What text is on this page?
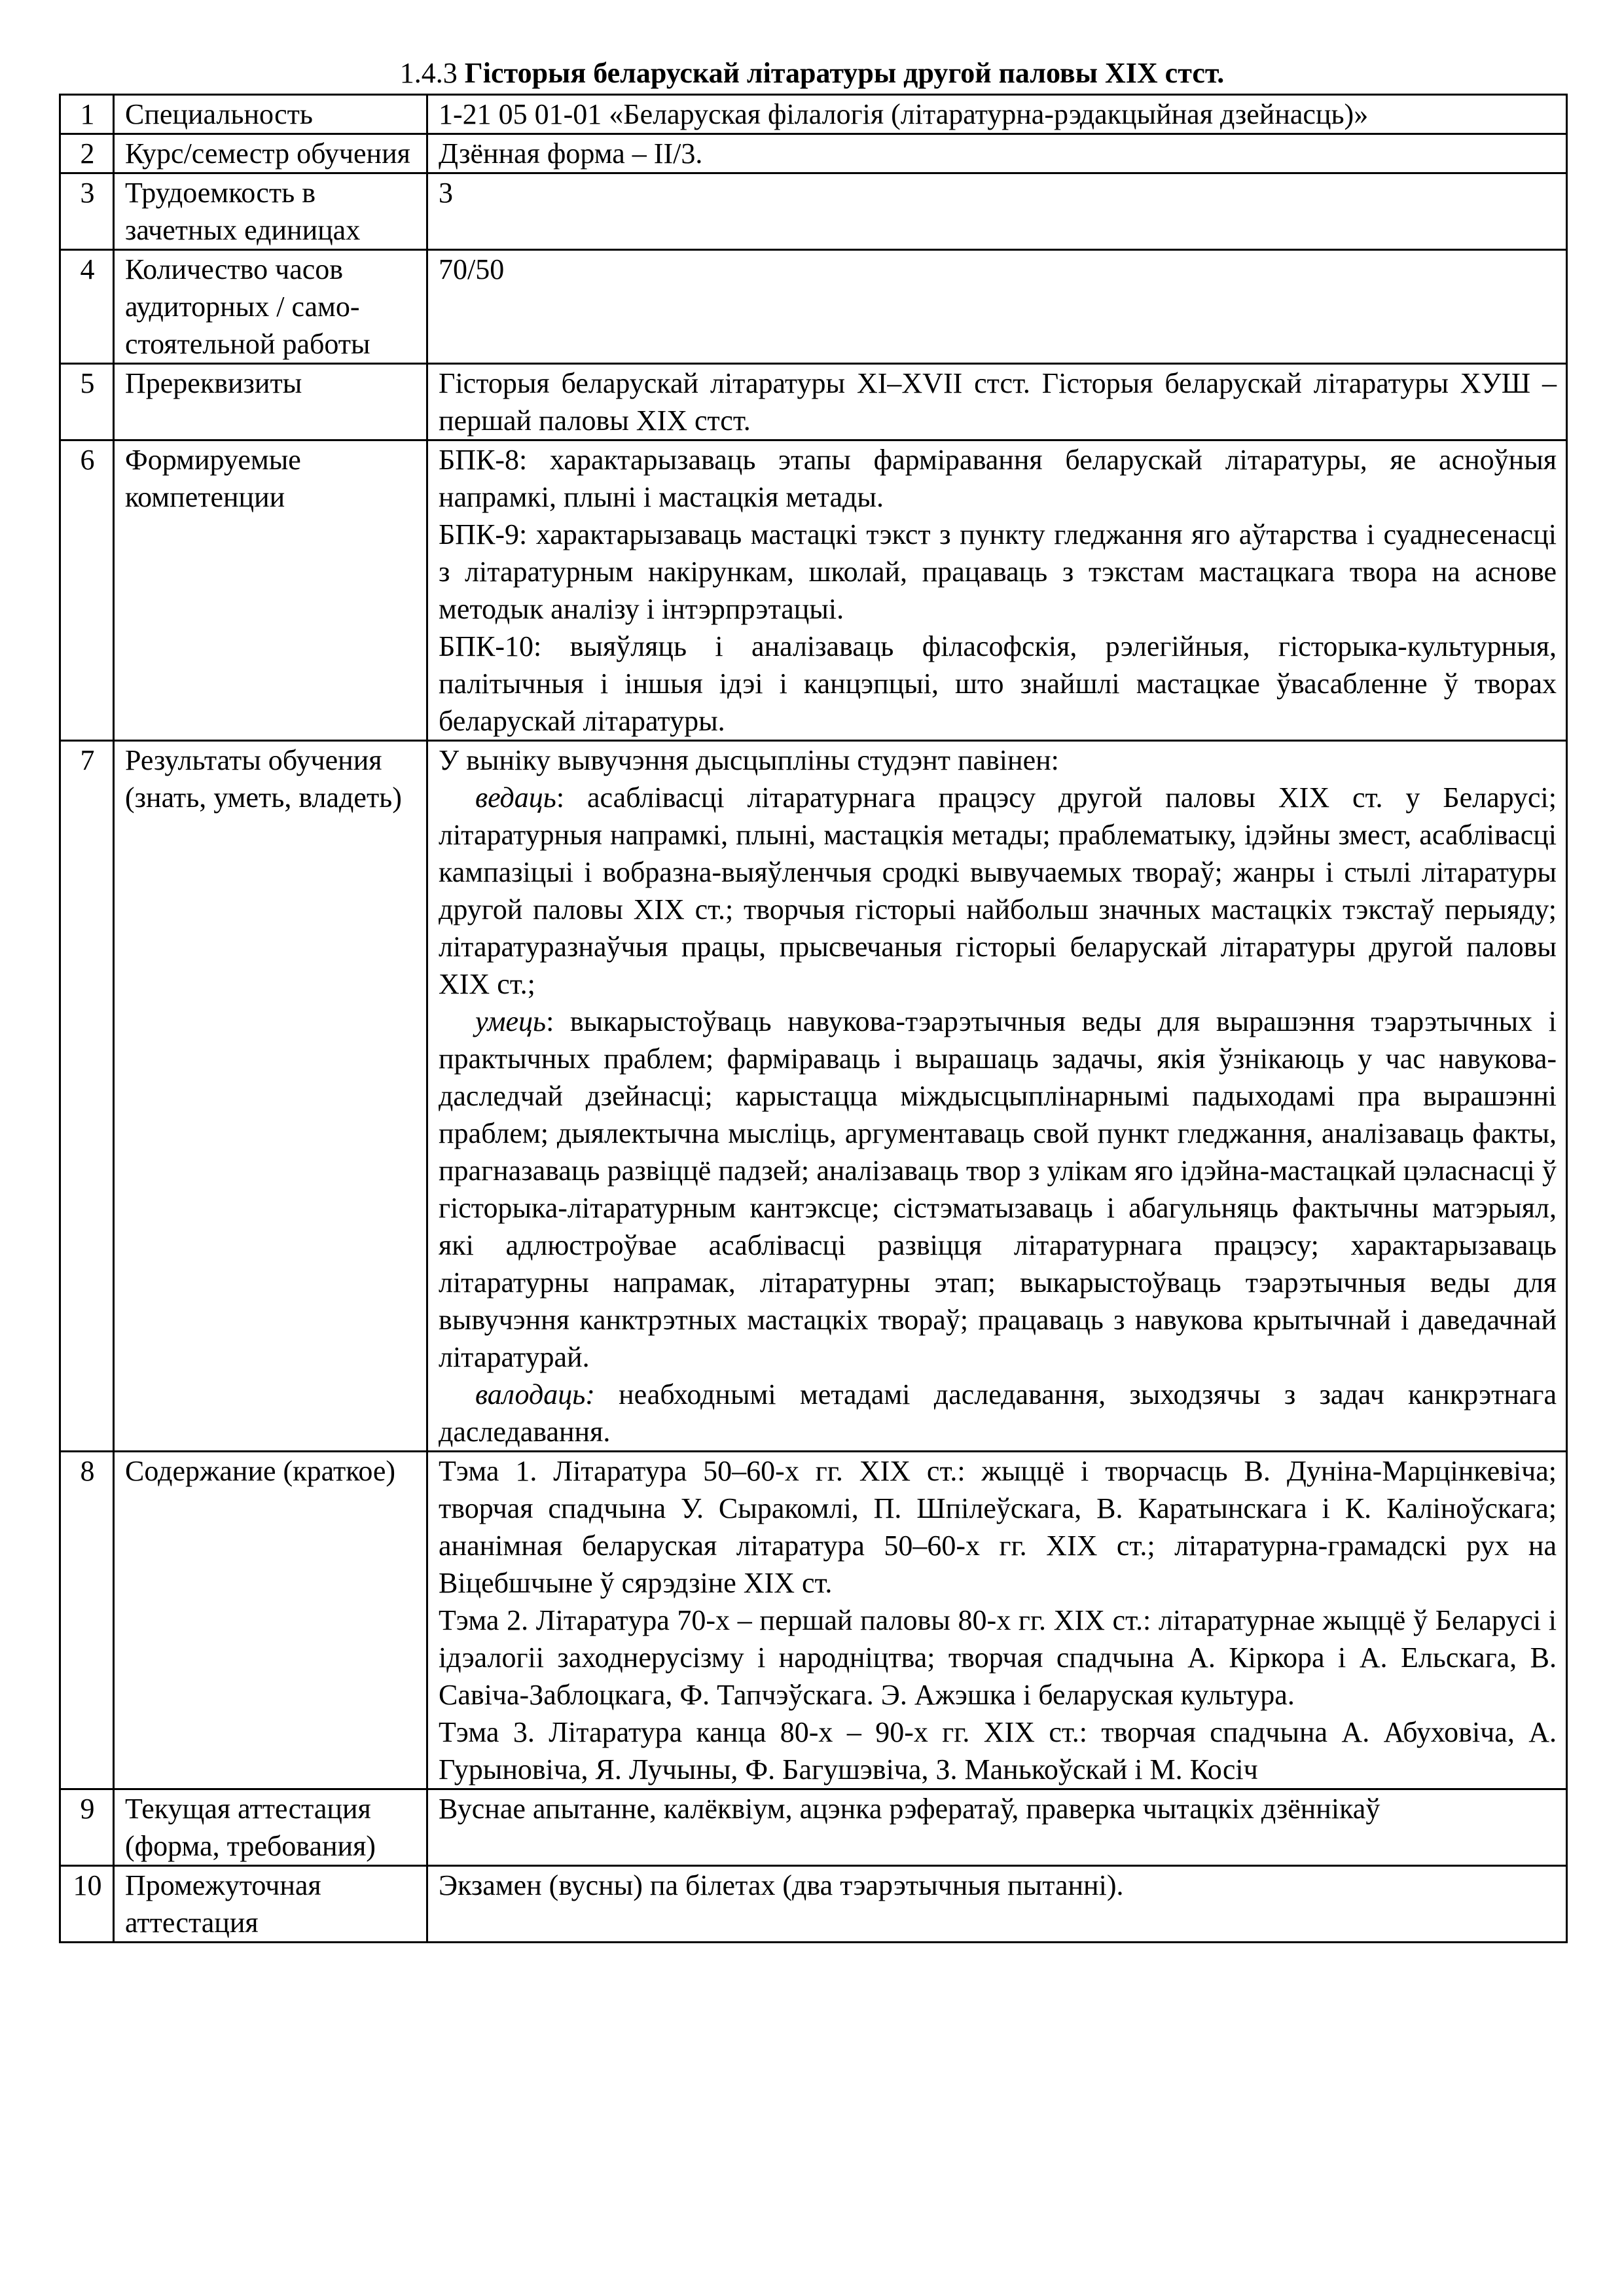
1.4.3 Гісторыя беларускай літаратуры другой паловы XIX стст.
1	Специальность	1-21 05 01-01 «Беларуская філалогія (літаратурна-рэдакцыйная дзейнасць)»

2	Курс/семестр обучения	Дзённая форма – II/3.
3	Трудоемкость в зачетных единицах	3
4	Количество часов аудиторных / само-стоятельной работы	70/50
5	Пререквизиты	Гісторыя беларускай літаратуры XI–XVII стст. Гісторыя беларускай літаратуры ХУШ – першай паловы XIX стст.

6	Формируемые компетенции	БПК-8: характарызаваць этапы фарміравання беларускай літаратуры, яе асноўныя напрамкі, плыні і мастацкія метады.
БПК-9: характарызаваць мастацкі тэкст з пункту гледжання яго аўтарства і суаднесенасці з літаратурным накірункам, школай, працаваць з тэкстам мастацкага твора на аснове методык аналізу і інтэрпрэтацыі.
БПК-10: выяўляць і аналізаваць філасофскія, рэлегійныя, гісторыка-культурныя, палітычныя і іншыя ідэі і канцэпцыі, што знайшлі мастацкае ўвасабленне ў творах беларускай літаратуры.

7	Результаты обучения (знать, уметь, владеть)	У выніку вывучэння дысцыпліны студэнт павінен:
ведаць: асаблівасці літаратурнага працэсу другой паловы XIX ст. у Беларусі; літаратурныя напрамкі, плыні, мастацкія метады; праблематыку, ідэйны змест, асаблівасці кампазіцыі і вобразна-выяўленчыя сродкі вывучаемых твораў; жанры і стылі літаратуры другой паловы XIX ст.; творчыя гісторыі найбольш значных мастацкіх тэкстаў перыяду; літаратуразнаўчыя працы, прысвечаныя гісторыі беларускай літаратуры другой паловы XIX ст.;
умець: выкарыстоўваць навукова-тэарэтычныя веды для вырашэння тэарэтычных і практычных праблем; фарміраваць і вырашаць задачы, якія ўзнікаюць у час навукова-даследчай дзейнасці; карыстацца міждысцыплінарнымі падыходамі пра вырашэнні праблем; дыялектычна мысліць, аргументаваць свой пункт гледжання, аналізаваць факты, прагназаваць развіццё падзей; аналізаваць твор з улікам яго ідэйна-мастацкай цэласнасці ў гісторыка-літаратурным кантэксце; сістэматызаваць і абагульняць фактычны матэрыял, які адлюстроўвае асаблівасці развіцця літаратурнага працэсу; характарызаваць літаратурны напрамак, літаратурны этап; выкарыстоўваць тэарэтычныя веды для вывучэння канктрэтных мастацкіх твораў; працаваць з навукова крытычнай і даведачнай літаратурай.
валодаць: неабходнымі метадамі даследавання, зыходзячы з задач канкрэтнага даследавання.

8	Содержание (краткое)	Тэма 1. Літаратура 50–60-х гг. XIX ст.: жыццё і творчасць В. Дуніна-Марцінкевіча; творчая спадчына У. Сыракомлі, П. Шпілеўскага, В. Каратынскага і К. Каліноўскага; ананімная беларуская літаратура 50–60-х гг. XIX ст.; літаратурна-грамадскі рух на Віцебшчыне ў сярэдзіне XIX ст.
Тэма 2. Літаратура 70-х – першай паловы 80-х гг. XIX ст.: літаратурнае жыццё ў Беларусі і ідэалогіі заходнерусізму і народніцтва; творчая спадчына А. Кіркора і А. Ельскага, В. Савіча-Заблоцкага, Ф. Тапчэўскага. Э. Ажэшка і беларуская культура.
Тэма 3. Літаратура канца 80-х – 90-х гг. XIX ст.: творчая спадчына А. Абуховіча, А. Гурыновіча, Я. Лучыны, Ф. Багушэвіча, З. Манькоўскай і М. Косіч

9	Текущая аттестация (форма, требования)	Вуснае апытанне, калёквіум, ацэнка рэфератаў, праверка чытацкіх дзённікаў

10	Промежуточная аттестация	Экзамен (вусны) па білетах (два тэарэтычныя пытанні).
